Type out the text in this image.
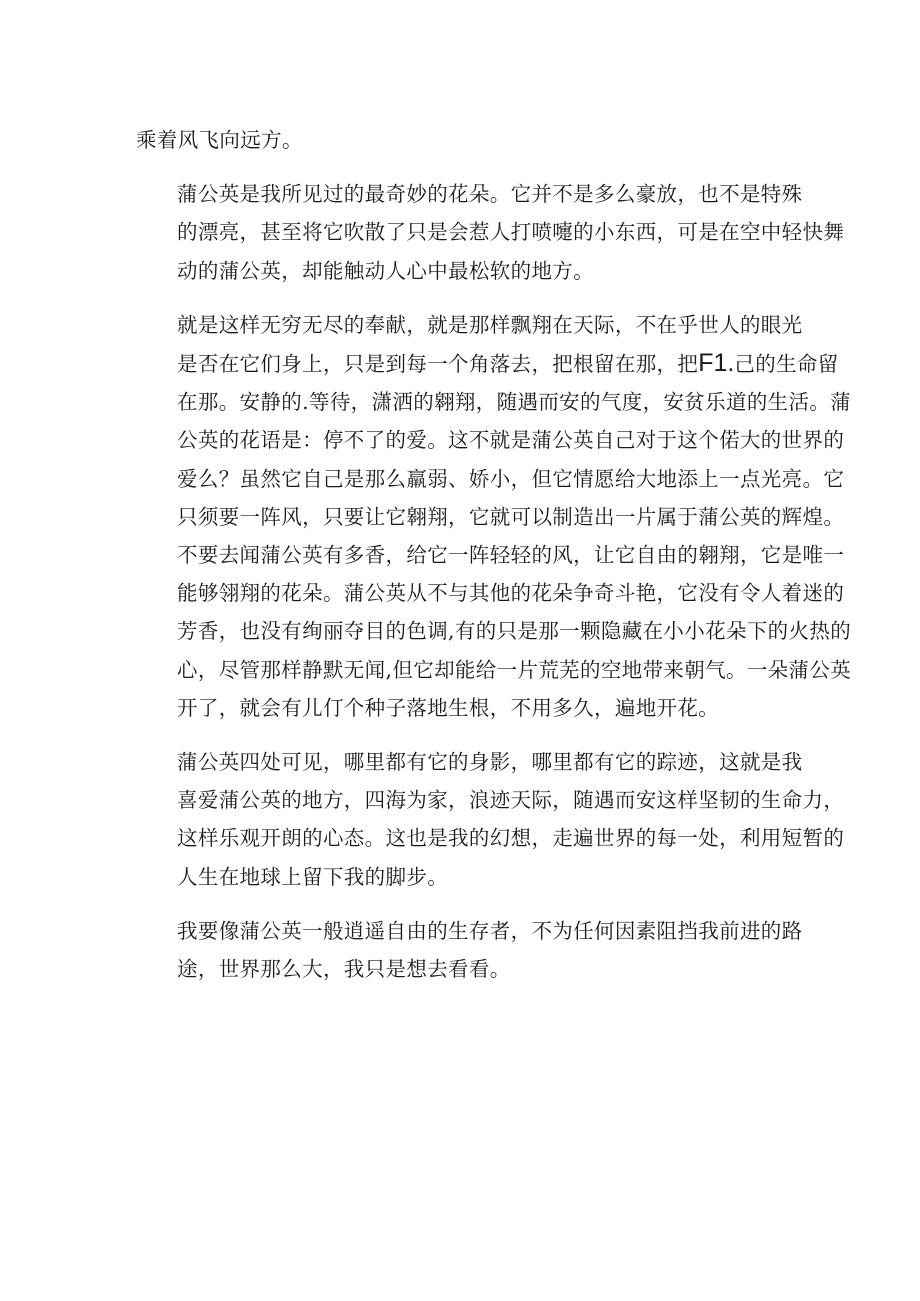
乘着风飞向远方。

蒲公英是我所见过的最奇妙的花朵。它并不是多么豪放，也不是特殊
的漂亮，甚至将它吹散了只是会惹人打喷嚏的小东西，可是在空中轻快舞
动的蒲公英，却能触动人心中最松软的地方。

就是这样无穷无尽的奉献，就是那样飘翔在天际，不在乎世人的眼光
是否在它们身上，只是到每一个角落去，把根留在那，把F1.己的生命留
在那。安静的.等待，潇洒的翱翔，随遇而安的气度，安贫乐道的生活。蒲
公英的花语是：停不了的爱。这不就是蒲公英自己对于这个偌大的世界的
爱么？虽然它自己是那么羸弱、娇小，但它情愿给大地添上一点光亮。它
只须要一阵风，只要让它翱翔，它就可以制造出一片属于蒲公英的辉煌。
不要去闻蒲公英有多香，给它一阵轻轻的风，让它自由的翱翔，它是唯一
能够翎翔的花朵。蒲公英从不与其他的花朵争奇斗艳，它没有令人着迷的
芳香，也没有绚丽夺目的色调,有的只是那一颗隐藏在小小花朵下的火热的
心，尽管那样静默无闻,但它却能给一片荒芜的空地带来朝气。一朵蒲公英
开了，就会有儿仃个种子落地生根，不用多久，遍地开花。

蒲公英四处可见，哪里都有它的身影，哪里都有它的踪迹，这就是我
喜爱蒲公英的地方，四海为家，浪迹天际，随遇而安这样坚韧的生命力，
这样乐观开朗的心态。这也是我的幻想，走遍世界的每一处，利用短暂的
人生在地球上留下我的脚步。

我要像蒲公英一般逍遥自由的生存者，不为任何因素阻挡我前进的路
途，世界那么大，我只是想去看看。
